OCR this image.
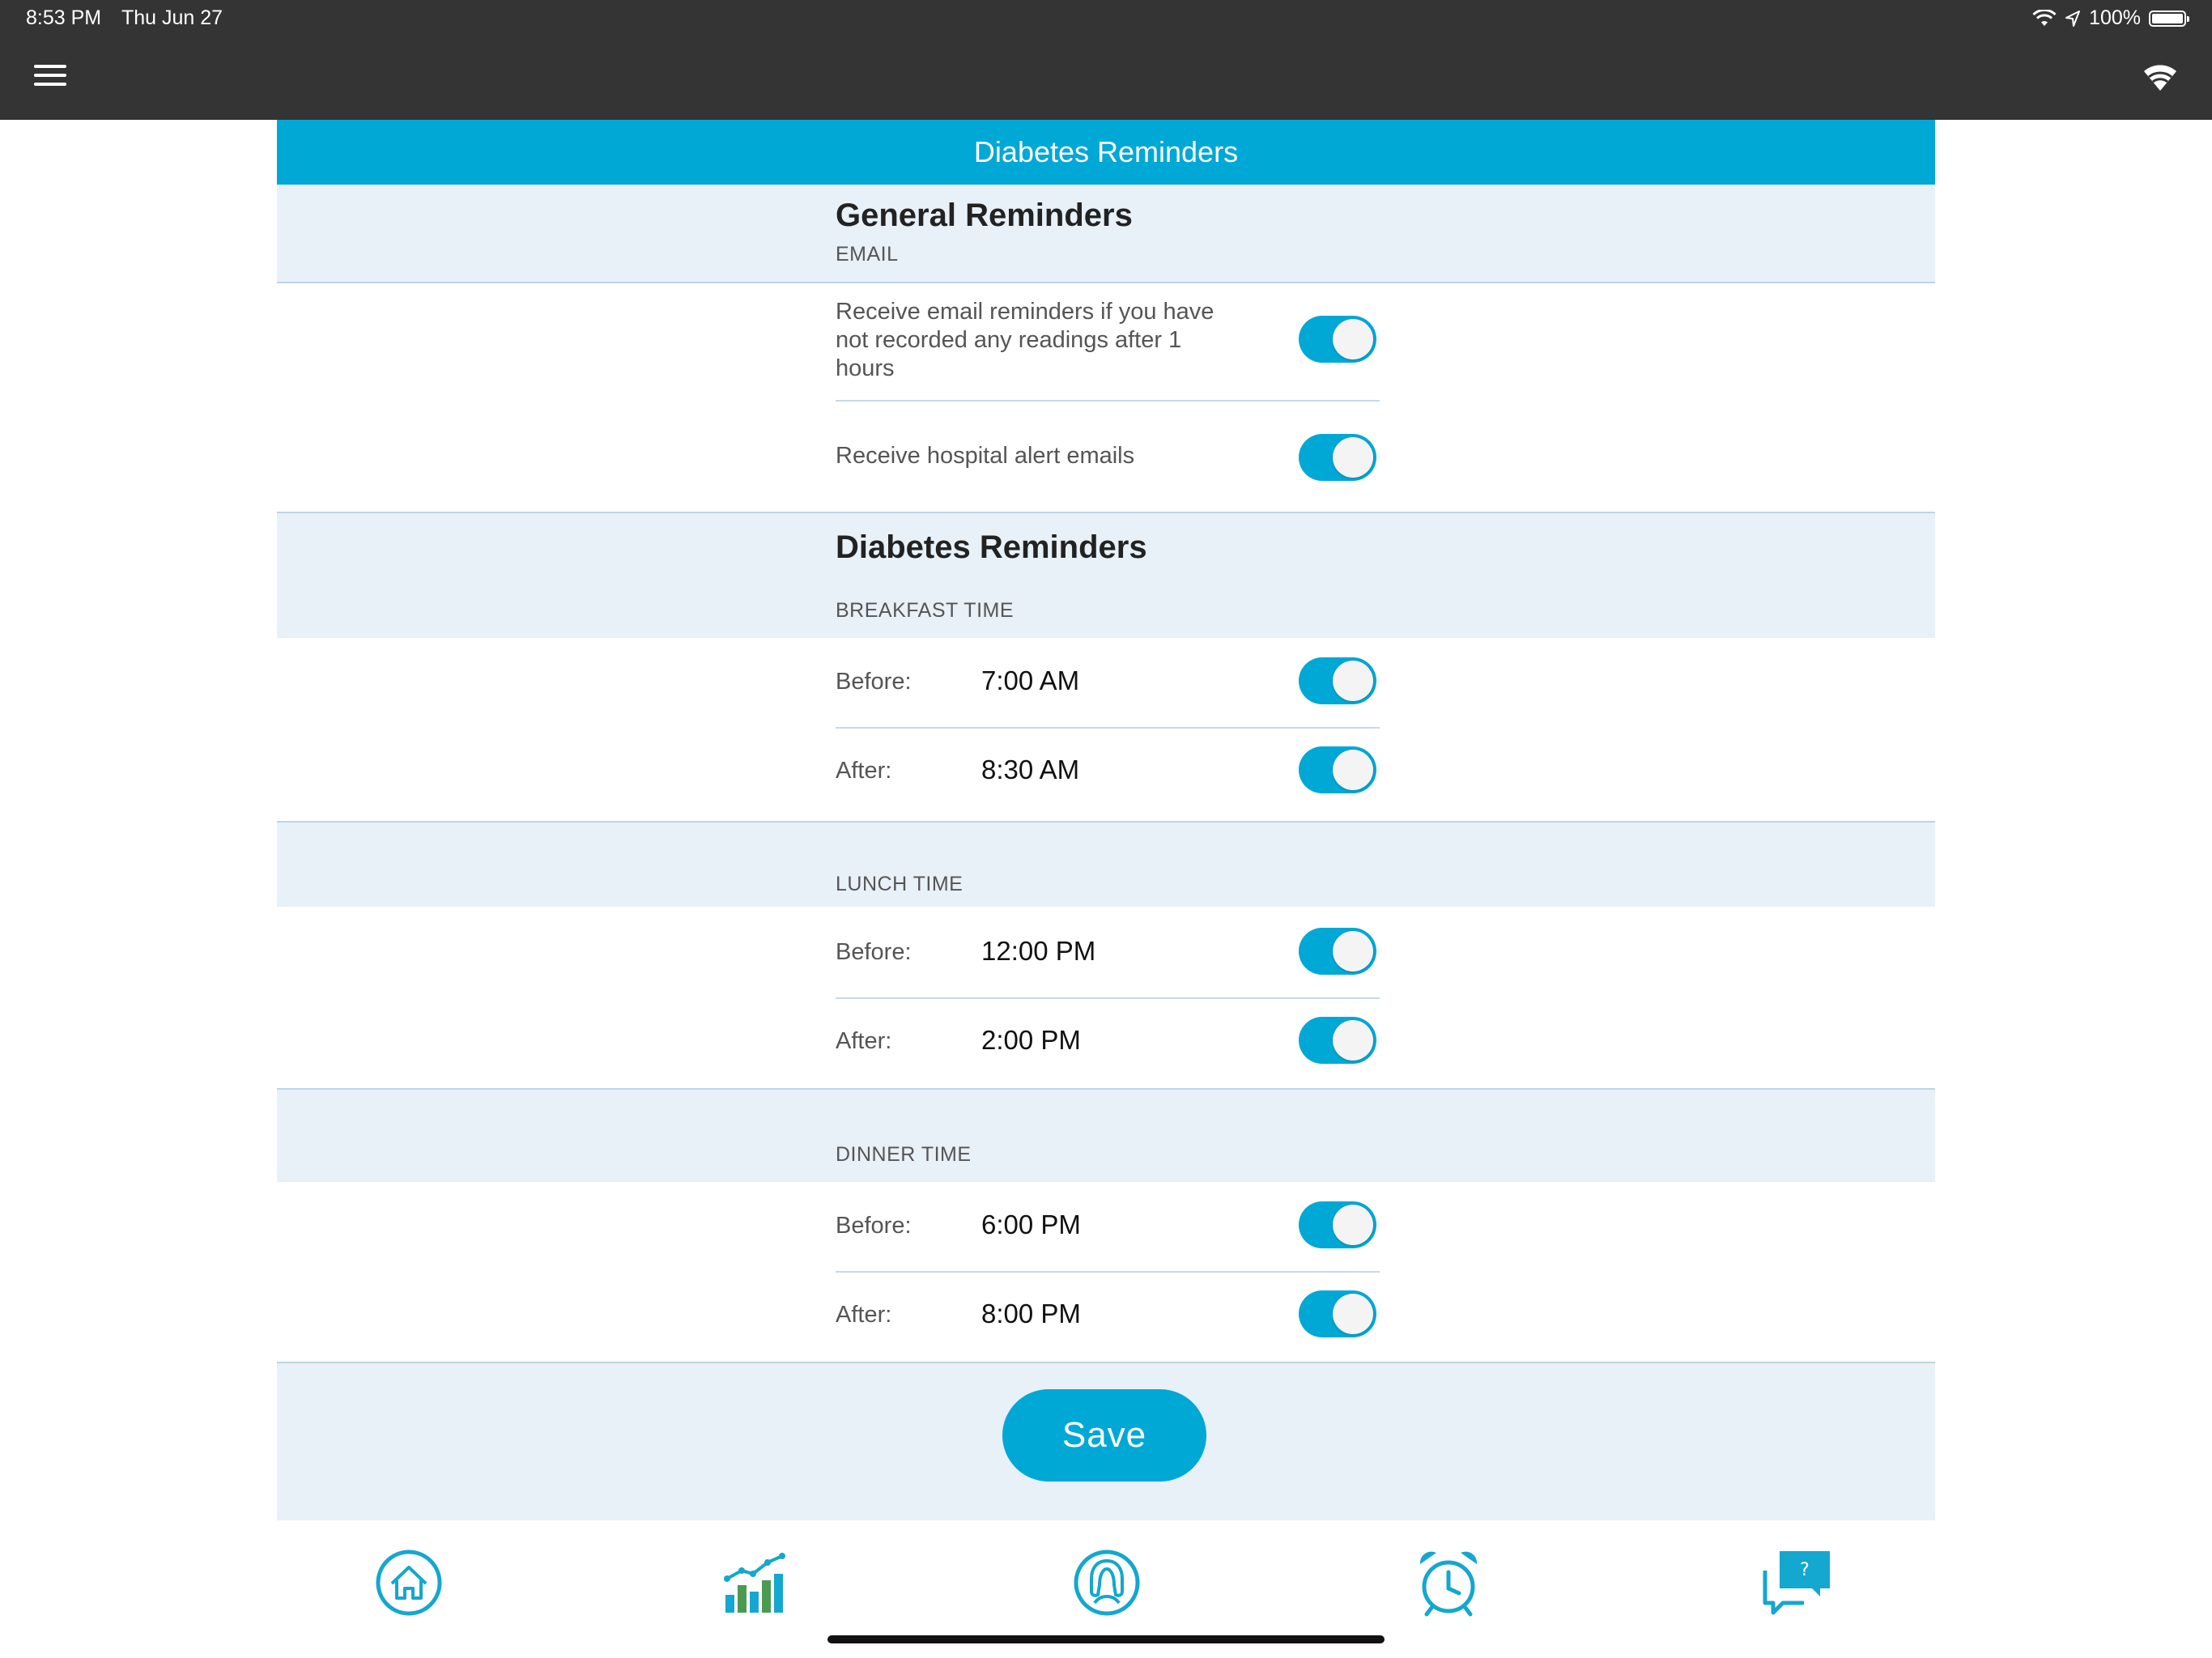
8:53 PM Thu Jun 27	100%
Diabetes Reminders
General Reminders
EMAIL
Receive email reminders if you have not recorded any readings after 1 hours
Receive hospital alert emails
Diabetes Reminders
BREAKFAST TIME
Before:	7:00 AM
After:	8:30 AM
LUNCH TIME
Before:	12:00 PM
After:	2:00 PM
DINNER TIME
Before:	6:00 PM
After:	8:00 PM
Save
?
